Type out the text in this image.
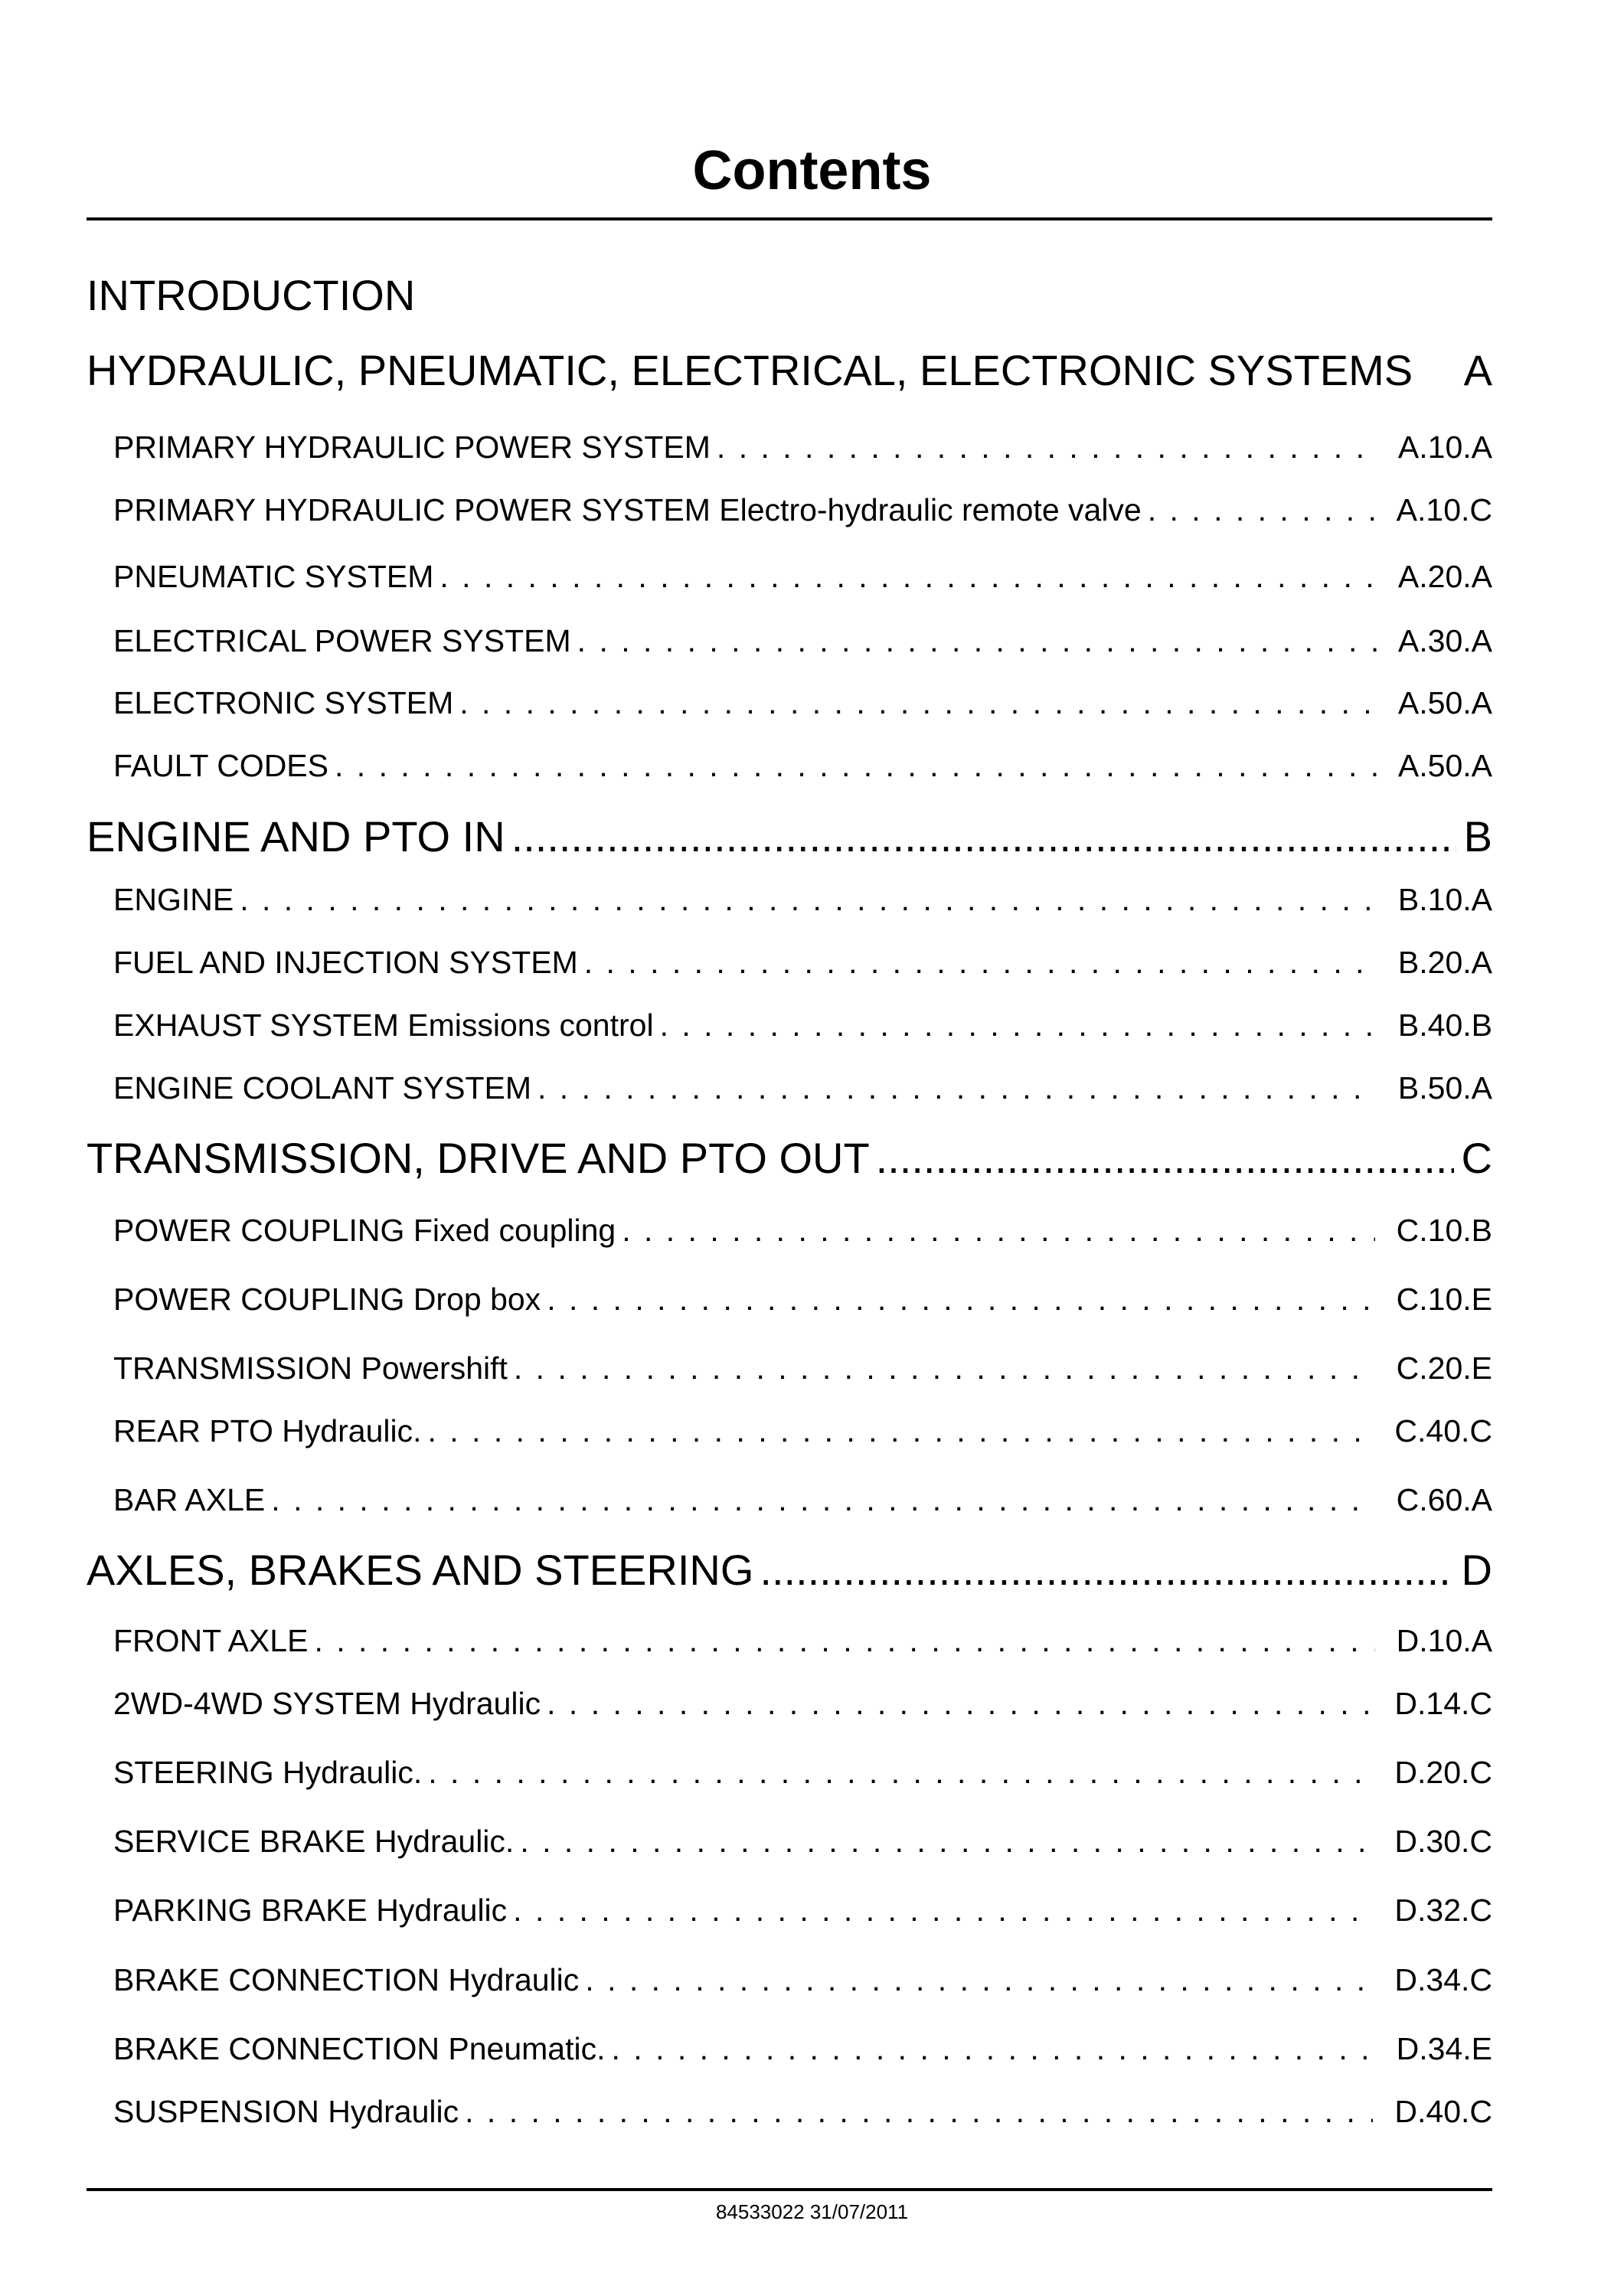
Contents
INTRODUCTION
HYDRAULIC, PNEUMATIC, ELECTRICAL, ELECTRONIC SYSTEMS A
PRIMARY HYDRAULIC POWER SYSTEM . . .	A.10.A
PRIMARY HYDRAULIC POWER SYSTEM Electro-hydraulic remote valve . . .	A.10.C
PNEUMATIC SYSTEM . . .	A.20.A
ELECTRICAL POWER SYSTEM . . .	A.30.A
ELECTRONIC SYSTEM . . .	A.50.A
FAULT CODES . . .	A.50.A
ENGINE AND PTO IN .....	B
ENGINE . . .	B.10.A
FUEL AND INJECTION SYSTEM . . .	B.20.A
EXHAUST SYSTEM Emissions control . . .	B.40.B
ENGINE COOLANT SYSTEM . . .	B.50.A
TRANSMISSION, DRIVE AND PTO OUT .....	C
POWER COUPLING Fixed coupling . . .	C.10.B
POWER COUPLING Drop box . . .	C.10.E
TRANSMISSION Powershift . . .	C.20.E
REAR PTO Hydraulic. . . .	C.40.C
BAR AXLE . . .	C.60.A
AXLES, BRAKES AND STEERING .....	D
FRONT AXLE . . .	D.10.A
2WD-4WD SYSTEM Hydraulic . . .	D.14.C
STEERING Hydraulic. . . .	D.20.C
SERVICE BRAKE Hydraulic. . . .	D.30.C
PARKING BRAKE Hydraulic . . .	D.32.C
BRAKE CONNECTION Hydraulic . . .	D.34.C
BRAKE CONNECTION Pneumatic. . . .	D.34.E
SUSPENSION Hydraulic . . .	D.40.C
84533022 31/07/2011
